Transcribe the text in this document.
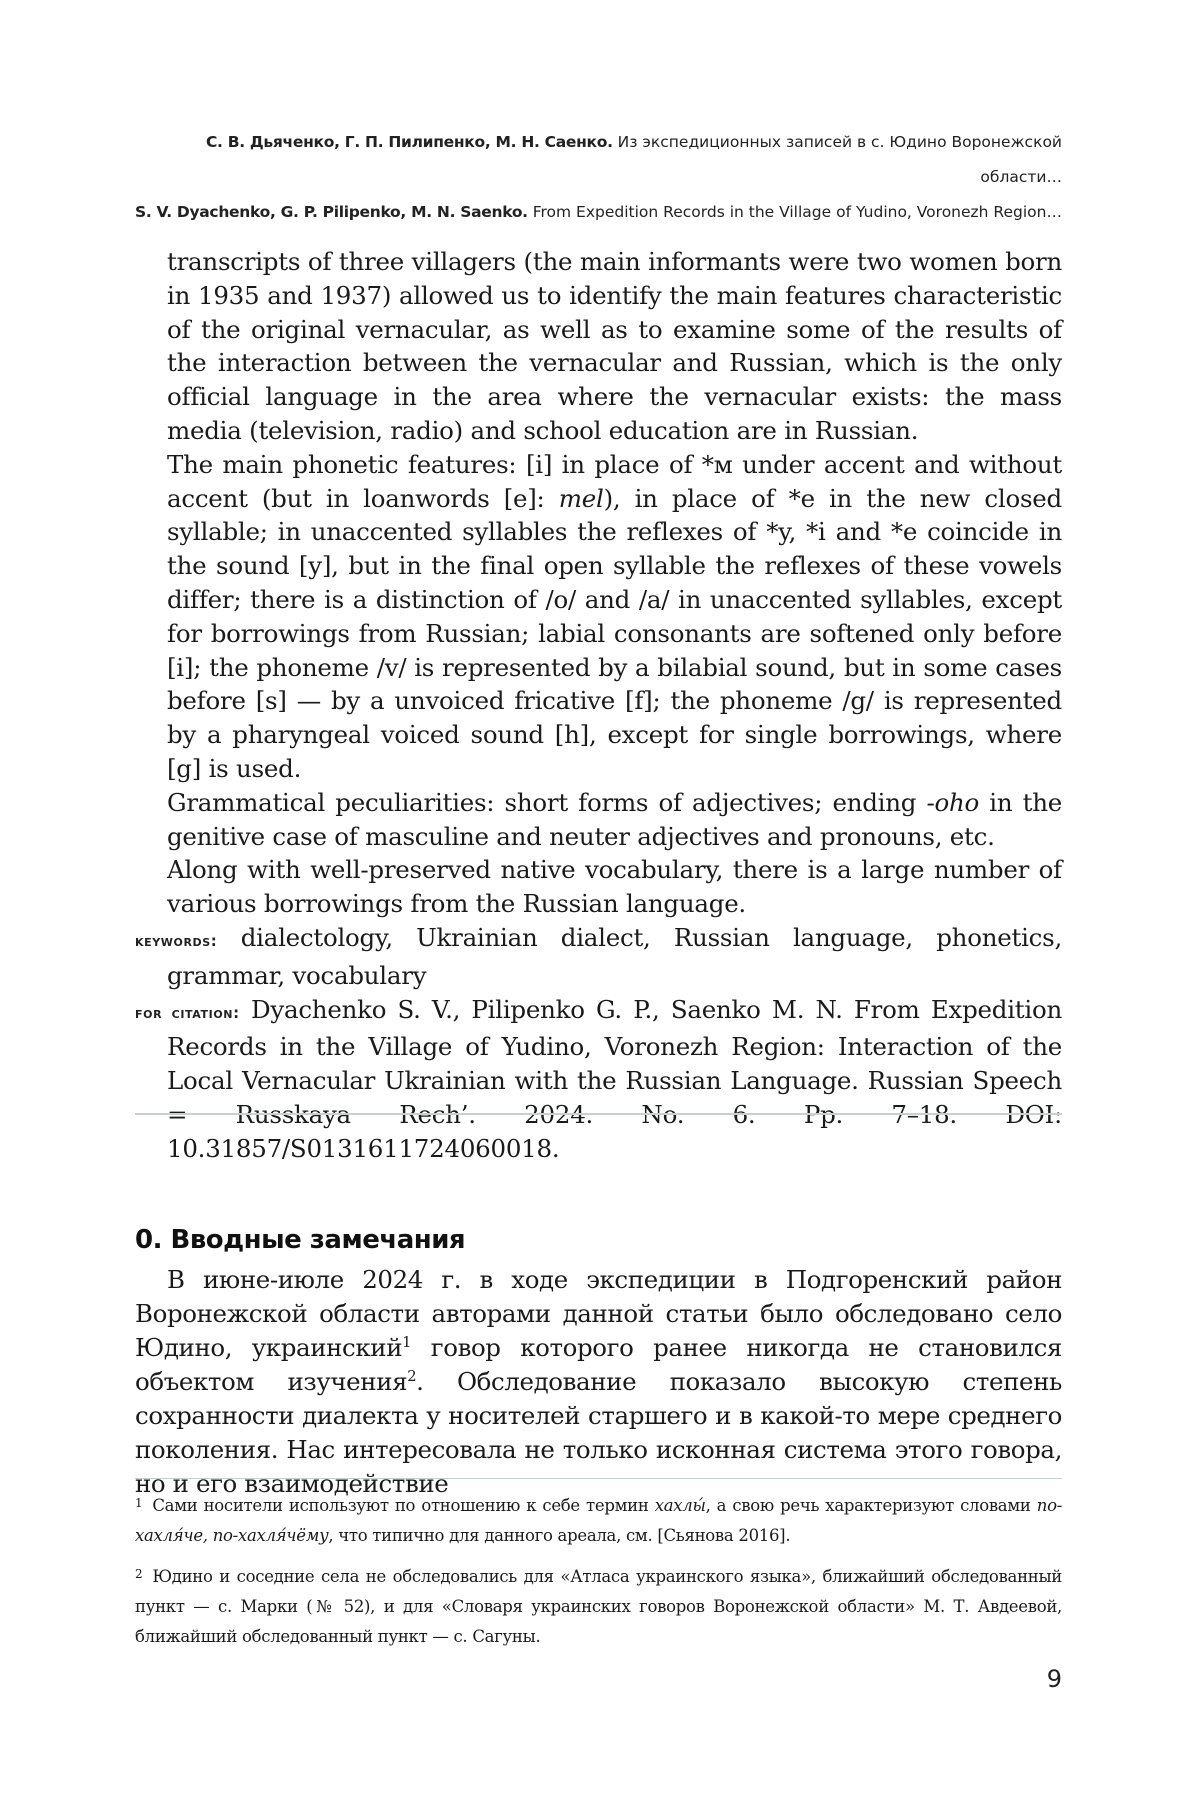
С. В. Дьяченко, Г. П. Пилипенко, М. Н. Саенко. Из экспедиционных записей в с. Юдино Воронежской области…
S. V. Dyachenko, G. P. Pilipenko, M. N. Saenko. From Expedition Records in the Village of Yudino, Voronezh Region…

transcripts of three villagers (the main informants were two women born in 1935 and 1937) allowed us to identify the main features characteristic of the original vernacular, as well as to examine some of the results of the interaction between the vernacular and Russian, which is the only official language in the area where the vernacular exists: the mass media (television, radio) and school education are in Russian.

The main phonetic features: [i] in place of *м under accent and without accent (but in loanwords [e]: mel), in place of *e in the new closed syllable; in unaccented syllables the reflexes of *y, *i and *e coincide in the sound [y], but in the final open syllable the reflexes of these vowels differ; there is a distinction of /o/ and /a/ in unaccented syllables, except for borrowings from Russian; labial consonants are softened only before [i]; the phoneme /v/ is represented by a bilabial sound, but in some cases before [s] — by a unvoiced fricative [f]; the phoneme /g/ is represented by a pharyngeal voiced sound [h], except for single borrowings, where [g] is used.

Grammatical peculiarities: short forms of adjectives; ending -oho in the genitive case of masculine and neuter adjectives and pronouns, etc.

Along with well-preserved native vocabulary, there is a large number of various borrowings from the Russian language.

keywords: dialectology, Ukrainian dialect, Russian language, phonetics, grammar, vocabulary
for citation: Dyachenko S. V., Pilipenko G. P., Saenko M. N. From Expedition Records in the Village of Yudino, Voronezh Region: Interaction of the Local Vernacular Ukrainian with the Russian Language. Russian Speech = Russkaya Rech’. 2024. No. 6. Pp. 7–18. DOI: 10.31857/S0131611724060018.
0. Вводные замечания

В июне-июле 2024 г. в ходе экспедиции в Подгоренский район Воронежской области авторами данной статьи было обследовано село Юдино, украинский$^1$ говор которого ранее никогда не становился объектом изучения$^2$. Обследование показало высокую степень сохранности диалекта у носителей старшего и в какой-то мере среднего поколения. Нас интересовала не только исконная система этого говора, но и его взаимодействие

$^1$ Сами носители используют по отношению к себе термин хахлы́, а свою речь характеризуют словами по-хахля́че, по-хахля́чёму, что типично для данного ареала, см. [Сьянова 2016].

$^2$ Юдино и соседние села не обследовались для «Атласа украинского языка», ближайший обследованный пункт — с. Марки (№ 52), и для «Словаря украинских говоров Воронежской области» М. Т. Авдеевой, ближайший обследованный пункт — с. Сагуны.

9
